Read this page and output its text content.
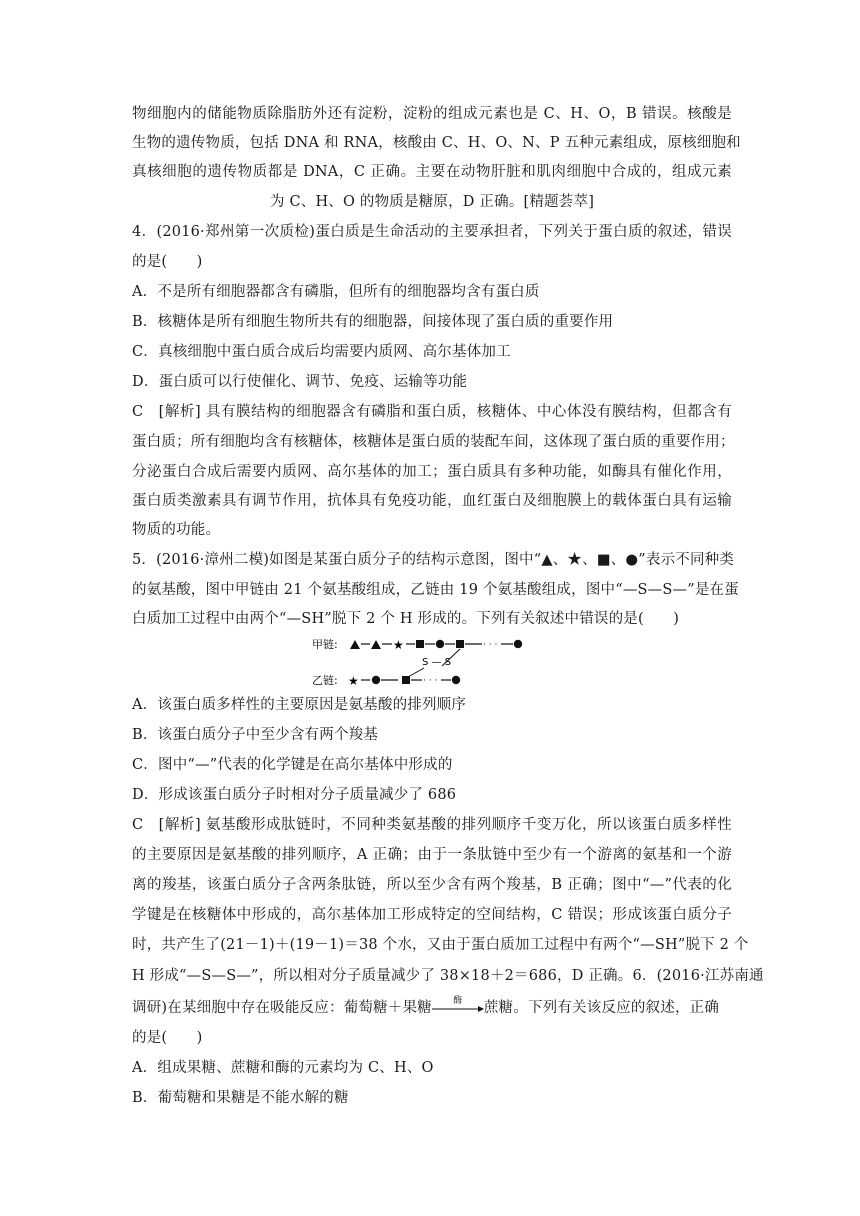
物细胞内的储能物质除脂肪外还有淀粉，淀粉的组成元素也是 C、H、O，B 错误。核酸是
生物的遗传物质，包括 DNA 和 RNA，核酸由 C、H、O、N、P 五种元素组成，原核细胞和
真核细胞的遗传物质都是 DNA，C 正确。主要在动物肝脏和肌肉细胞中合成的，组成元素
为 C、H、O 的物质是糖原，D 正确。[精题荟萃]
4．(2016·郑州第一次质检)蛋白质是生命活动的主要承担者，下列关于蛋白质的叙述，错误
的是(　　)
A．不是所有细胞器都含有磷脂，但所有的细胞器均含有蛋白质
B．核糖体是所有细胞生物所共有的细胞器，间接体现了蛋白质的重要作用
C．真核细胞中蛋白质合成后均需要内质网、高尔基体加工
D．蛋白质可以行使催化、调节、免疫、运输等功能
C　[解析] 具有膜结构的细胞器含有磷脂和蛋白质，核糖体、中心体没有膜结构，但都含有
蛋白质；所有细胞均含有核糖体，核糖体是蛋白质的装配车间，这体现了蛋白质的重要作用；
分泌蛋白合成后需要内质网、高尔基体的加工；蛋白质具有多种功能，如酶具有催化作用，
蛋白质类激素具有调节作用，抗体具有免疫功能，血红蛋白及细胞膜上的载体蛋白具有运输
物质的功能。
5．(2016·漳州二模)如图是某蛋白质分子的结构示意图，图中“▲、★、■、●”表示不同种类
的氨基酸，图中甲链由 21 个氨基酸组成，乙链由 19 个氨基酸组成，图中“—S—S—”是在蛋
白质加工过程中由两个“—SH”脱下 2 个 H 形成的。下列有关叙述中错误的是(　　)
甲链:	★	· · ·
S — S
乙链: ★	· · ·
A．该蛋白质多样性的主要原因是氨基酸的排列顺序
B．该蛋白质分子中至少含有两个羧基
C．图中“—”代表的化学键是在高尔基体中形成的
D．形成该蛋白质分子时相对分子质量减少了 686
C　[解析] 氨基酸形成肽链时，不同种类氨基酸的排列顺序千变万化，所以该蛋白质多样性
的主要原因是氨基酸的排列顺序，A 正确；由于一条肽链中至少有一个游离的氨基和一个游
离的羧基，该蛋白质分子含两条肽链，所以至少含有两个羧基，B 正确；图中“—”代表的化
学键是在核糖体中形成的，高尔基体加工形成特定的空间结构，C 错误；形成该蛋白质分子
时，共产生了(21－1)＋(19－1)＝38 个水，又由于蛋白质加工过程中有两个“—SH”脱下 2 个
H 形成“—S—S—”，所以相对分子质量减少了 38×18＋2＝686，D 正确。6．(2016·江苏南通
调研)在某细胞中存在吸能反应：葡萄糖＋果糖	酶	蔗糖。下列有关该反应的叙述，正确
的是(　　)
A．组成果糖、蔗糖和酶的元素均为 C、H、O
B．葡萄糖和果糖是不能水解的糖
